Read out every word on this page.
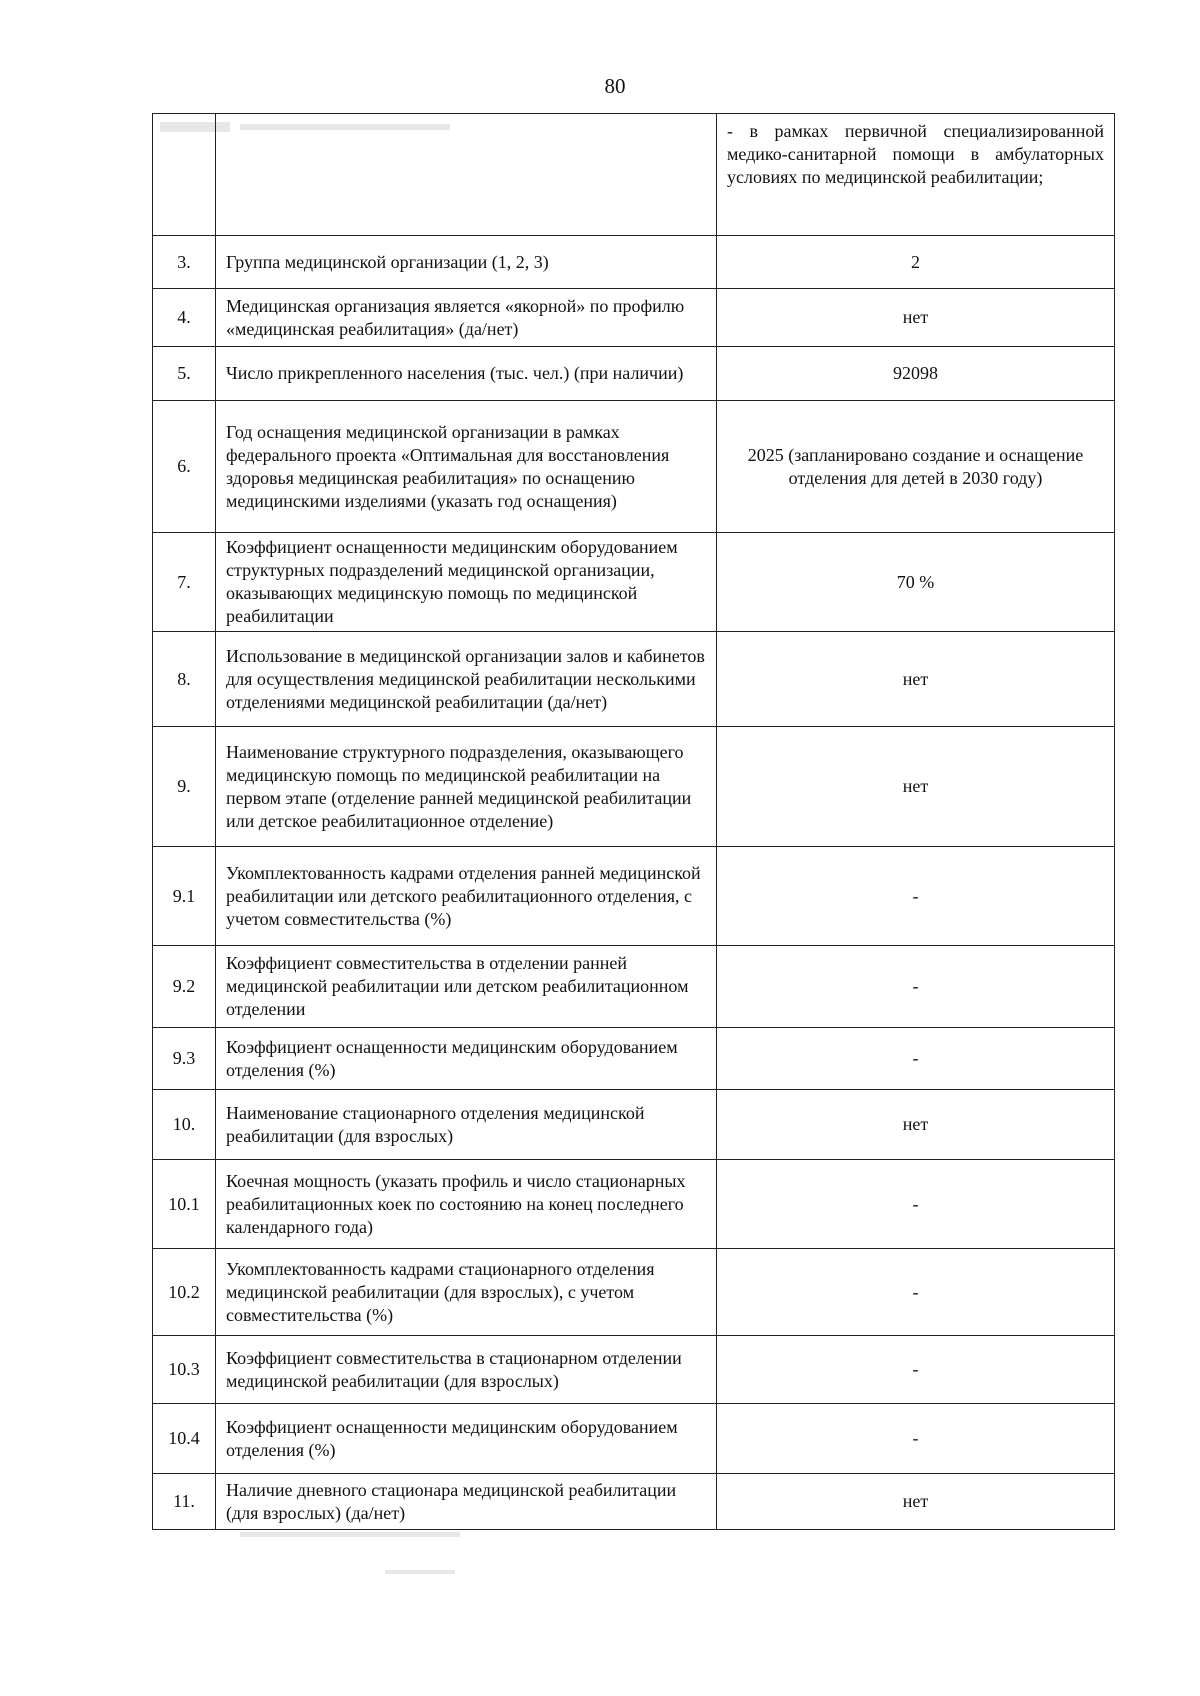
80
		- в рамках первичной специализированной медико-санитарной помощи в амбулаторных условиях по медицинской реабилитации;
3.	Группа медицинской организации (1, 2, 3)	2
4.	Медицинская организация является «якорной» по профилю «медицинская реабилитация» (да/нет)	нет
5.	Число прикрепленного населения (тыс. чел.) (при наличии)	92098
6.	Год оснащения медицинской организации в рамках федерального проекта «Оптимальная для восстановления здоровья медицинская реабилитация» по оснащению медицинскими изделиями (указать год оснащения)	2025 (запланировано создание и оснащение отделения для детей в 2030 году)
7.	Коэффициент оснащенности медицинским оборудованием структурных подразделений медицинской организации, оказывающих медицинскую помощь по медицинской реабилитации	70 %
8.	Использование в медицинской организации залов и кабинетов для осуществления медицинской реабилитации несколькими отделениями медицинской реабилитации (да/нет)	нет
9.	Наименование структурного подразделения, оказывающего медицинскую помощь по медицинской реабилитации на первом этапе (отделение ранней медицинской реабилитации или детское реабилитационное отделение)	нет
9.1	Укомплектованность кадрами отделения ранней медицинской реабилитации или детского реабилитационного отделения, с учетом совместительства (%)	-
9.2	Коэффициент совместительства в отделении ранней медицинской реабилитации или детском реабилитационном отделении	-
9.3	Коэффициент оснащенности медицинским оборудованием отделения (%)	-
10.	Наименование стационарного отделения медицинской реабилитации (для взрослых)	нет
10.1	Коечная мощность (указать профиль и число стационарных реабилитационных коек по состоянию на конец последнего календарного года)	-
10.2	Укомплектованность кадрами стационарного отделения медицинской реабилитации (для взрослых), с учетом совместительства (%)	-
10.3	Коэффициент совместительства в стационарном отделении медицинской реабилитации (для взрослых)	-
10.4	Коэффициент оснащенности медицинским оборудованием отделения (%)	-
11.	Наличие дневного стационара медицинской реабилитации (для взрослых) (да/нет)	нет
